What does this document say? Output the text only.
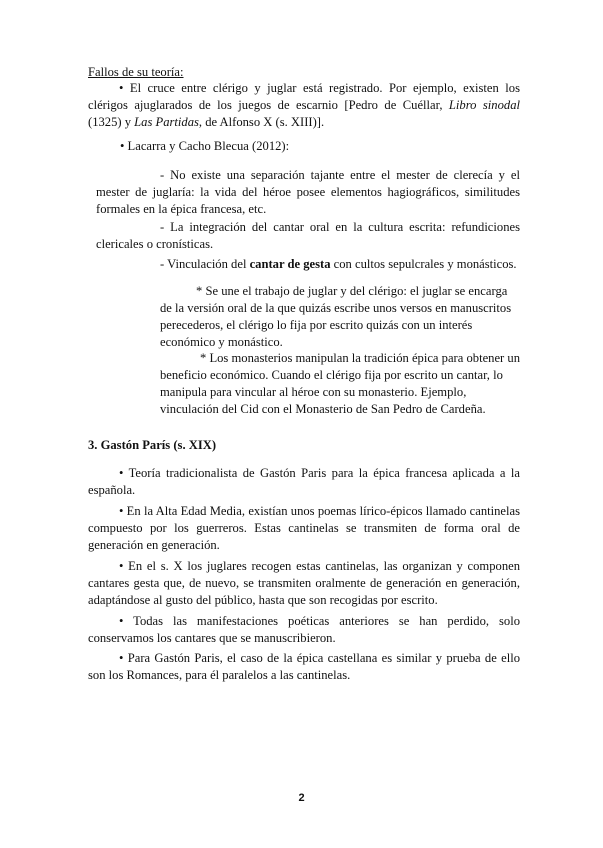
Fallos de su teoría:

• El cruce entre clérigo y juglar está registrado. Por ejemplo, existen los clérigos ajuglarados de los juegos de escarnio [Pedro de Cuéllar, Libro sinodal (1325) y Las Partidas, de Alfonso X (s. XIII)].

• Lacarra y Cacho Blecua (2012):

- No existe una separación tajante entre el mester de clerecía y el mester de juglaría: la vida del héroe posee elementos hagiográficos, similitudes formales en la épica francesa, etc.

- La integración del cantar oral en la cultura escrita: refundiciones clericales o cronísticas.

- Vinculación del cantar de gesta con cultos sepulcrales y monásticos.

* Se une el trabajo de juglar y del clérigo: el juglar se encarga de la versión oral de la que quizás escribe unos versos en manuscritos perecederos, el clérigo lo fija por escrito quizás con un interés económico y monástico.

* Los monasterios manipulan la tradición épica para obtener un beneficio económico. Cuando el clérigo fija por escrito un cantar, lo manipula para vincular al héroe con su monasterio. Ejemplo, vinculación del Cid con el Monasterio de San Pedro de Cardeña.

3. Gastón París (s. XIX)

• Teoría tradicionalista de Gastón Paris para la épica francesa aplicada a la española.

• En la Alta Edad Media, existían unos poemas lírico-épicos llamado cantinelas compuesto por los guerreros. Estas cantinelas se transmiten de forma oral de generación en generación.

• En el s. X los juglares recogen estas cantinelas, las organizan y componen cantares gesta que, de nuevo, se transmiten oralmente de generación en generación, adaptándose al gusto del público, hasta que son recogidas por escrito.

• Todas las manifestaciones poéticas anteriores se han perdido, solo conservamos los cantares que se manuscribieron.

• Para Gastón Paris, el caso de la épica castellana es similar y prueba de ello son los Romances, para él paralelos a las cantinelas.

2
